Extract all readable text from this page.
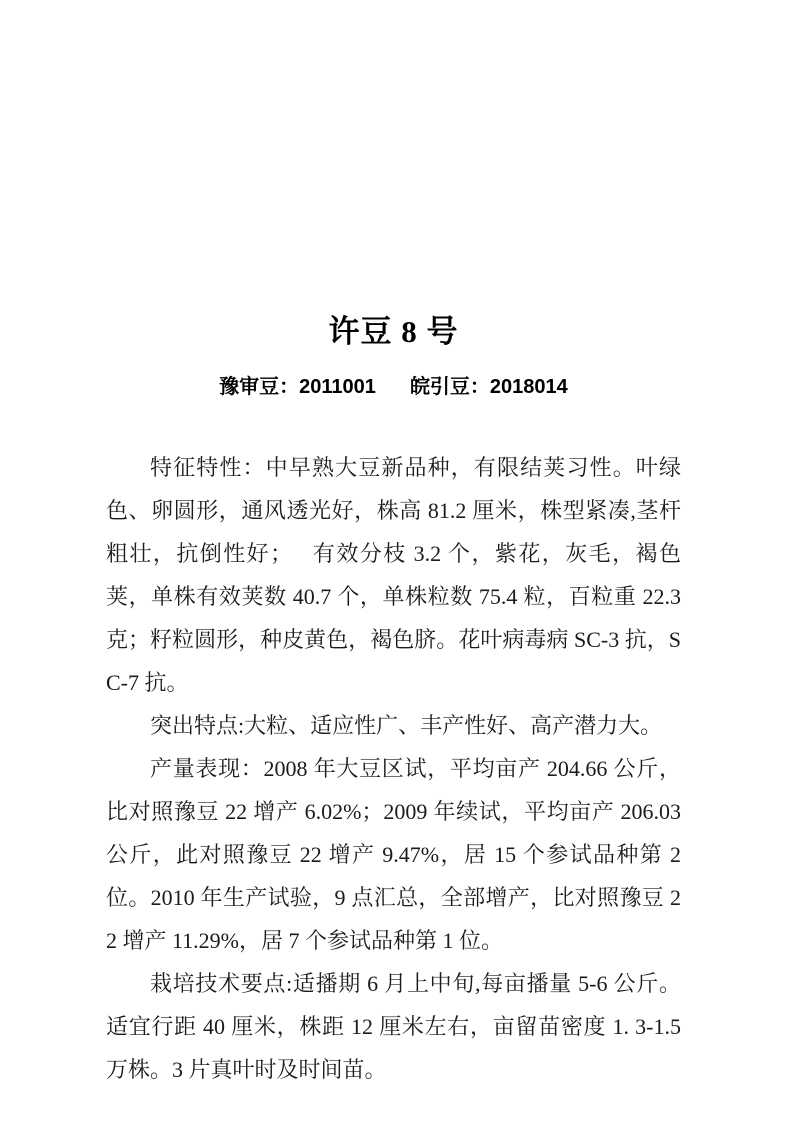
许豆 8 号
豫审豆：2011001 皖引豆：2018014

特征特性：中早熟大豆新品种，有限结荚习性。叶绿色、卵圆形，通风透光好，株高 81.2 厘米，株型紧凑,茎杆粗壮，抗倒性好；　 有效分枝 3.2 个，紫花，灰毛，褐色荚，单株有效荚数 40.7 个，单株粒数 75.4 粒，百粒重 22.3 克；籽粒圆形，种皮黄色，褐色脐。花叶病毒病 SC-3 抗，SC-7 抗。

突出特点:大粒、适应性广、丰产性好、高产潜力大。

产量表现：2008 年大豆区试，平均亩产 204.66 公斤，比对照豫豆 22 增产 6.02%；2009 年续试，平均亩产 206.03 公斤，此对照豫豆 22 增产 9.47%，居 15 个参试品种第 2 位。2010 年生产试验，9 点汇总，全部增产，比对照豫豆 22 增产 11.29%，居 7 个参试品种第 1 位。

栽培技术要点:适播期 6 月上中旬,每亩播量 5-6 公斤。适宜行距 40 厘米，株距 12 厘米左右，亩留苗密度 1. 3-1.5 万株。3 片真叶时及时间苗。
